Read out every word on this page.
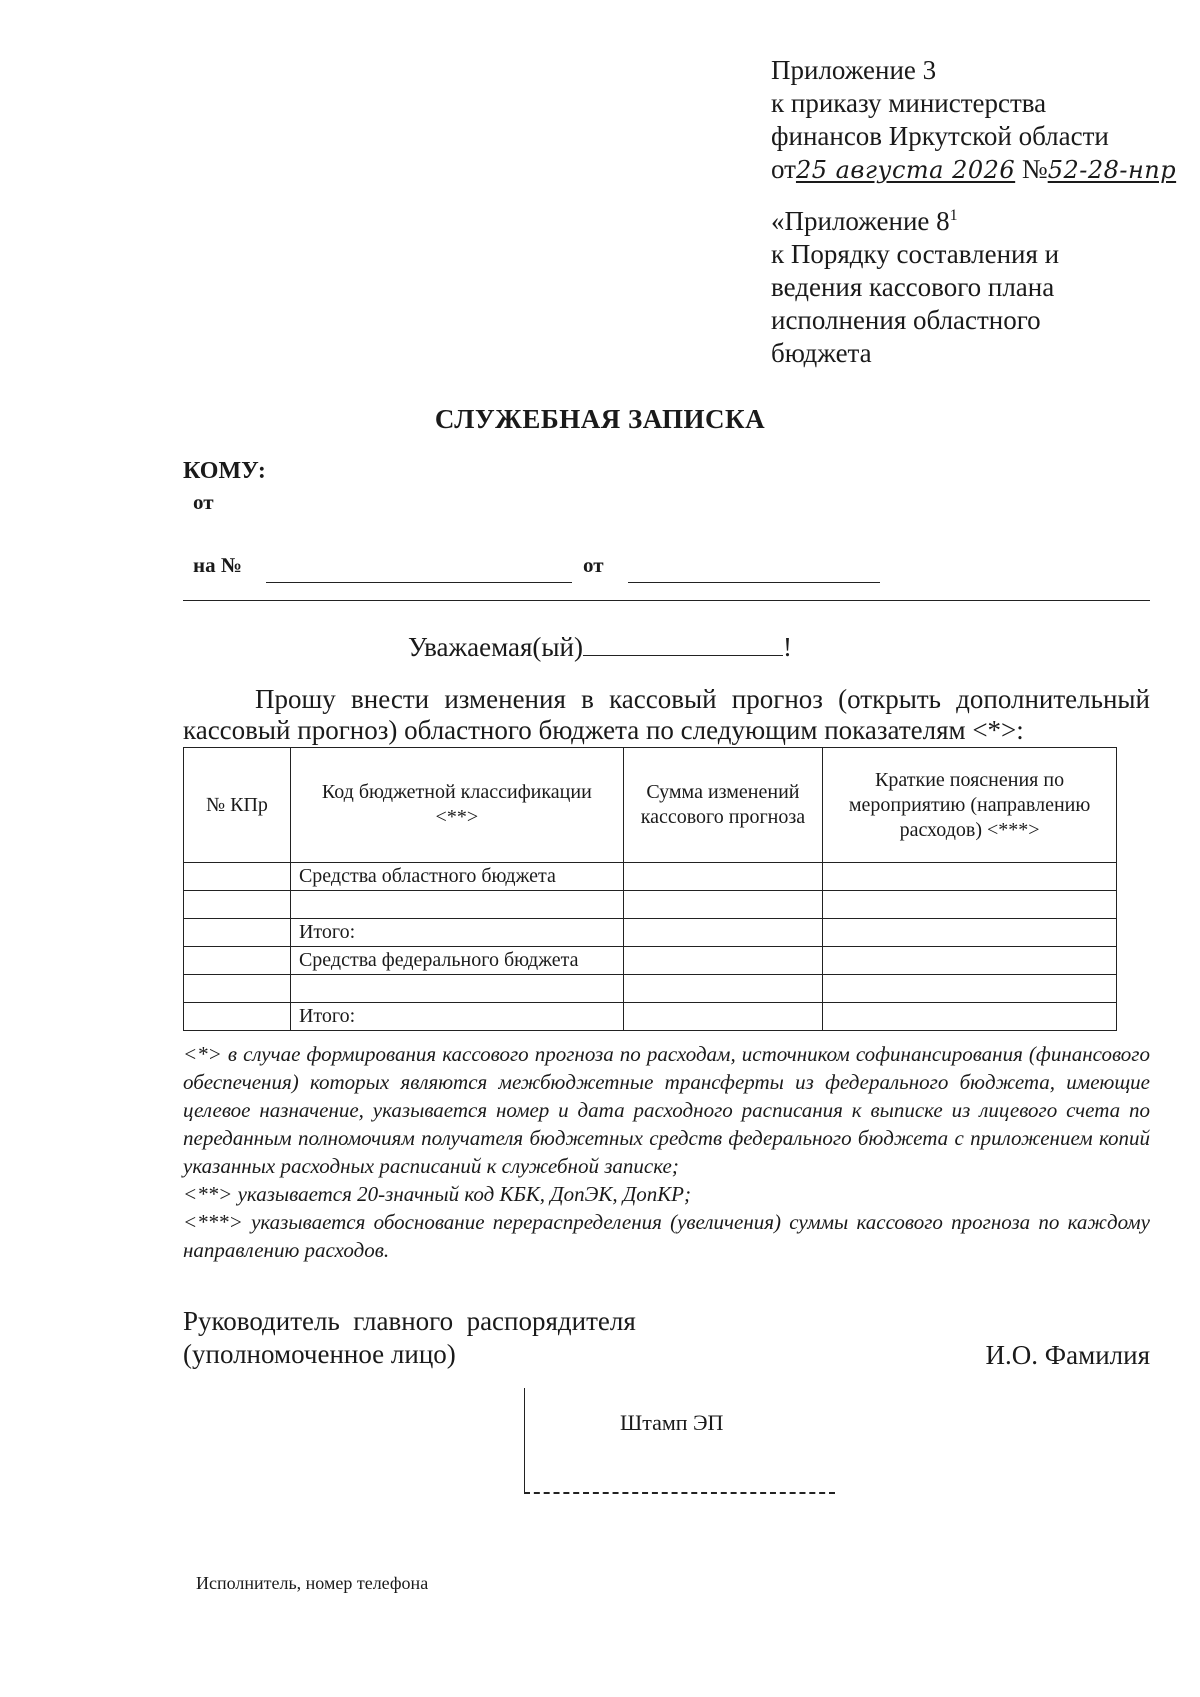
Приложение 3
к приказу министерства
финансов Иркутской области
от25 августа 2026 №52-28-нпр
«Приложение $8^1$
к Порядку составления и
ведения кассового плана
исполнения областного
бюджета
СЛУЖЕБНАЯ ЗАПИСКА
КОМУ:
от
на №	от
Уважаемая(ый)	!
Прошу внести изменения в кассовый прогноз (открыть дополнительный кассовый прогноз) областного бюджета по следующим показателям <*>:
№ КПр	Код бюджетной классификации <**>	Сумма изменений кассового прогноза	Краткие пояснения по мероприятию (направлению расходов) <***>
	Средства областного бюджета		

	Итого:		
	Средства федерального бюджета		

	Итого:		

<*> в случае формирования кассового прогноза по расходам, источником софинансирования (финансового обеспечения) которых являются межбюджетные трансферты из федерального бюджета, имеющие целевое назначение, указывается номер и дата расходного расписания к выписке из лицевого счета по переданным полномочиям получателя бюджетных средств федерального бюджета с приложением копий указанных расходных расписаний к служебной записке;

<**> указывается 20-значный код КБК, ДопЭК, ДопКР;

<***> указывается обоснование перераспределения (увеличения) суммы кассового прогноза по каждому направлению расходов.

Руководитель  главного  распорядителя
(уполномоченное лицо)	И.О. Фамилия
Штамп ЭП
Исполнитель, номер телефона
